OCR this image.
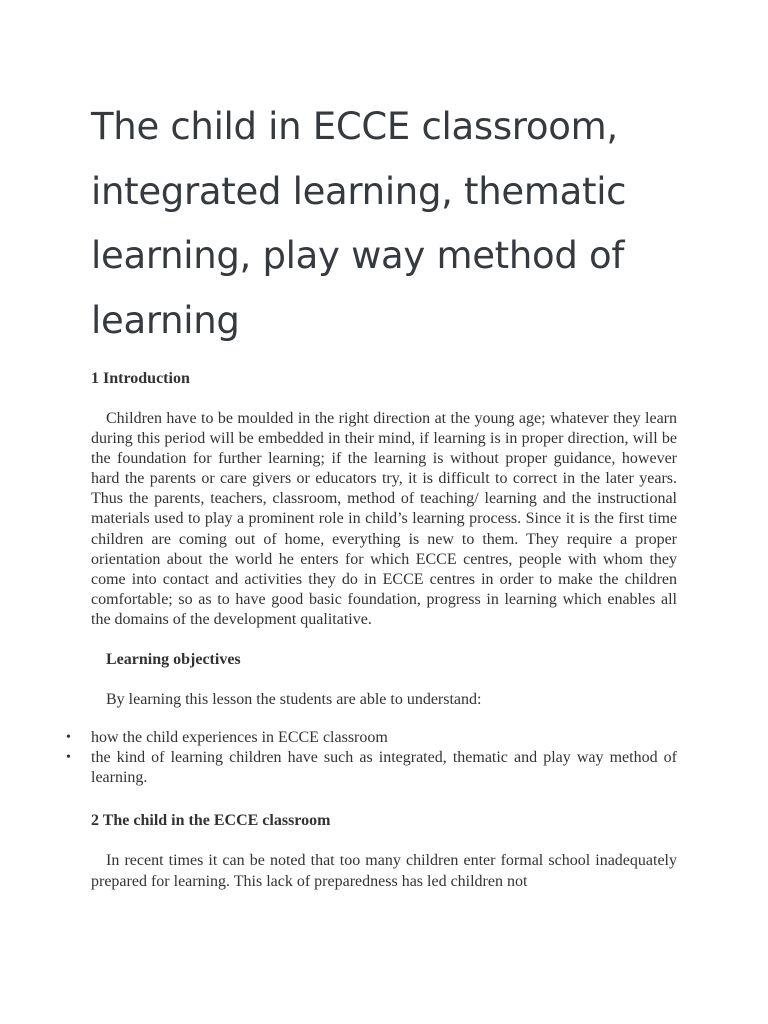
The child in ECCE classroom, integrated learning, thematic learning, play way method of learning
1 Introduction

Children have to be moulded in the right direction at the young age; whatever they learn during this period will be embedded in their mind, if learning is in proper direction, will be the foundation for further learning; if the learning is without proper guidance, however hard the parents or care givers or educators try, it is difficult to correct in the later years. Thus the parents, teachers, classroom, method of teaching/ learning and the instructional materials used to play a prominent role in child’s learning process. Since it is the first time children are coming out of home, everything is new to them. They require a proper orientation about the world he enters for which ECCE centres, people with whom they come into contact and activities they do in ECCE centres in order to make the children comfortable; so as to have good basic foundation, progress in learning which enables all the domains of the development qualitative.

Learning objectives

By learning this lesson the students are able to understand:

• how the child experiences in ECCE classroom
• the kind of learning children have such as integrated, thematic and play way method of learning.
2 The child in the ECCE classroom

In recent times it can be noted that too many children enter formal school inadequately prepared for learning. This lack of preparedness has led children not
